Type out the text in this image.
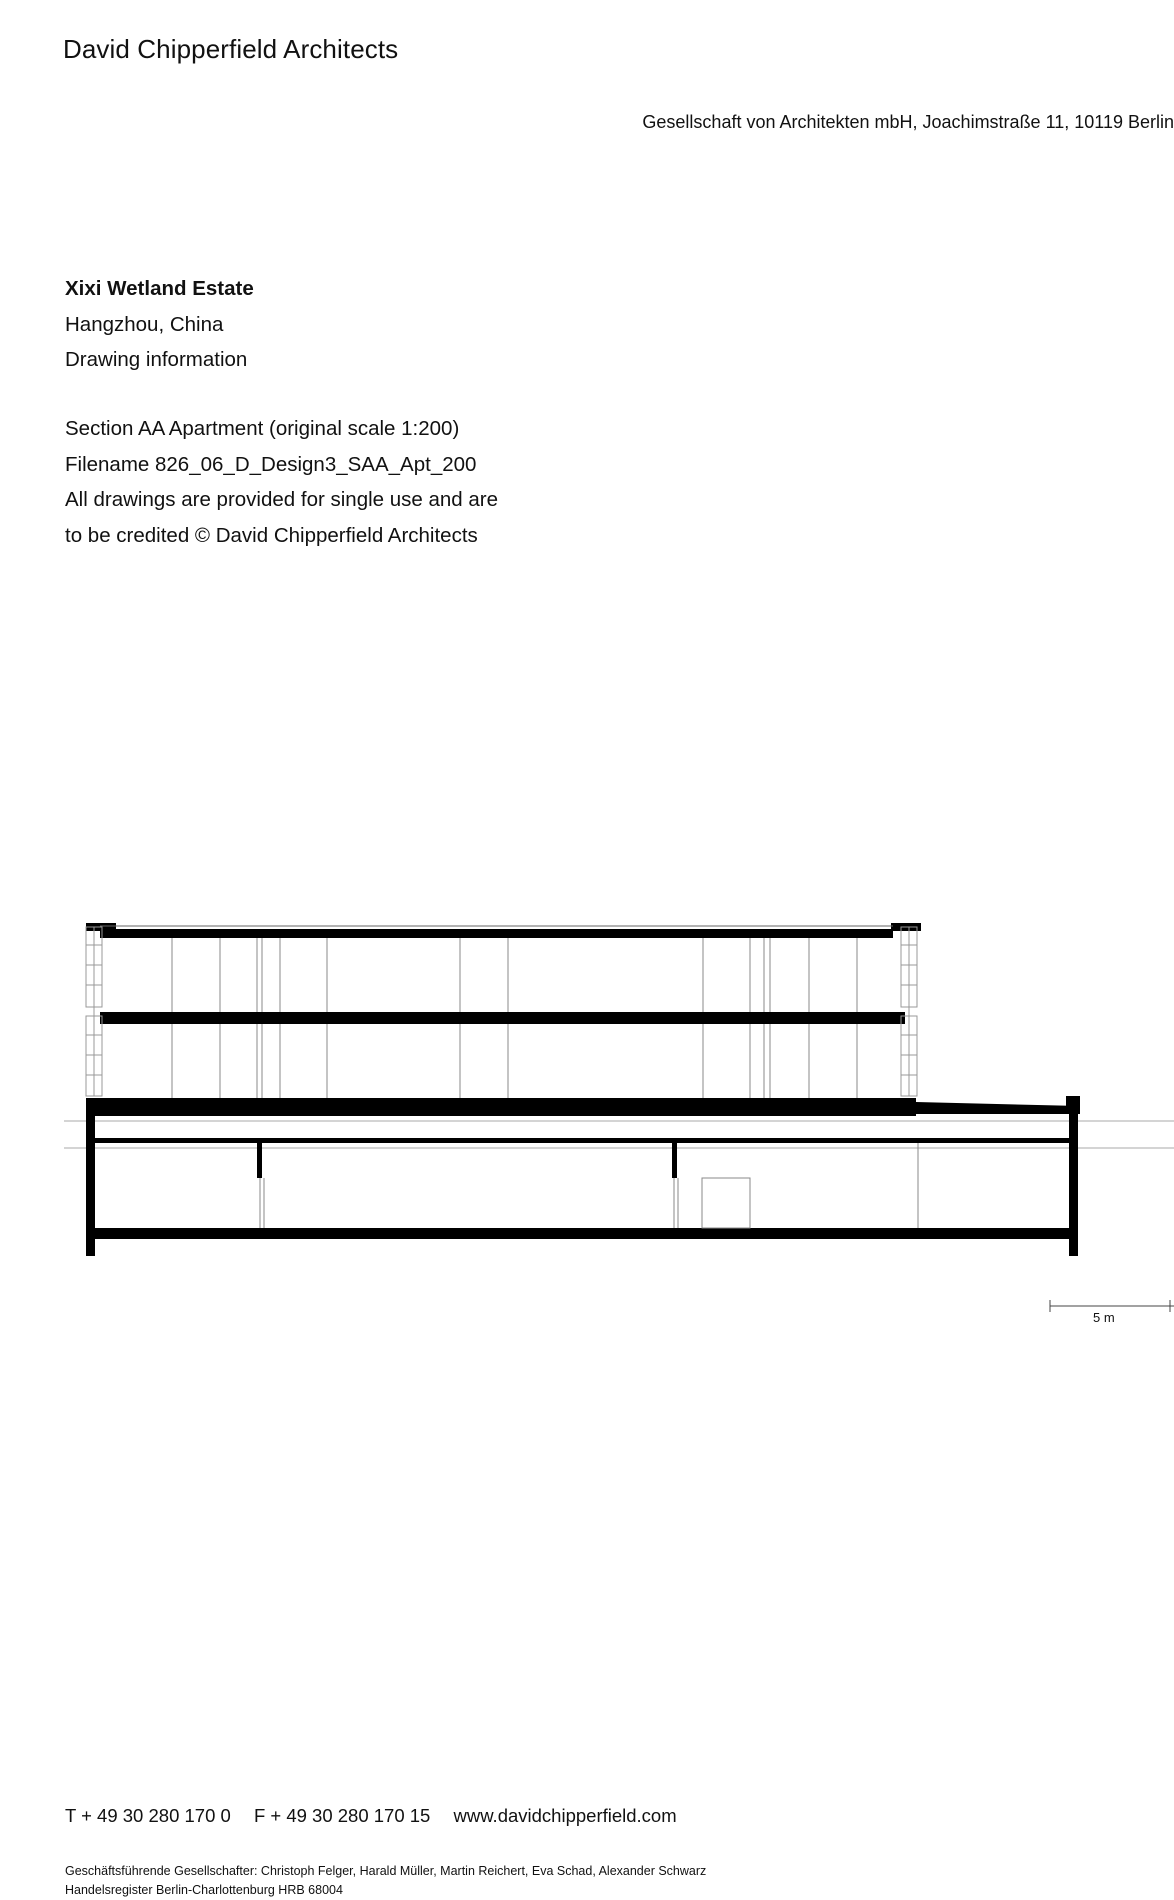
David Chipperfield Architects
Gesellschaft von Architekten mbH, Joachimstraße 11, 10119 Berlin
Xixi Wetland Estate
Hangzhou, China
Drawing information
Section AA Apartment (original scale 1:200)
Filename 826_06_D_Design3_SAA_Apt_200
All drawings are provided for single use and are
to be credited © David Chipperfield Architects
5 m
T + 49 30 280 170 0 F + 49 30 280 170 15 www.davidchipperfield.com
Geschäftsführende Gesellschafter: Christoph Felger, Harald Müller, Martin Reichert, Eva Schad, Alexander Schwarz
Handelsregister Berlin-Charlottenburg HRB 68004
